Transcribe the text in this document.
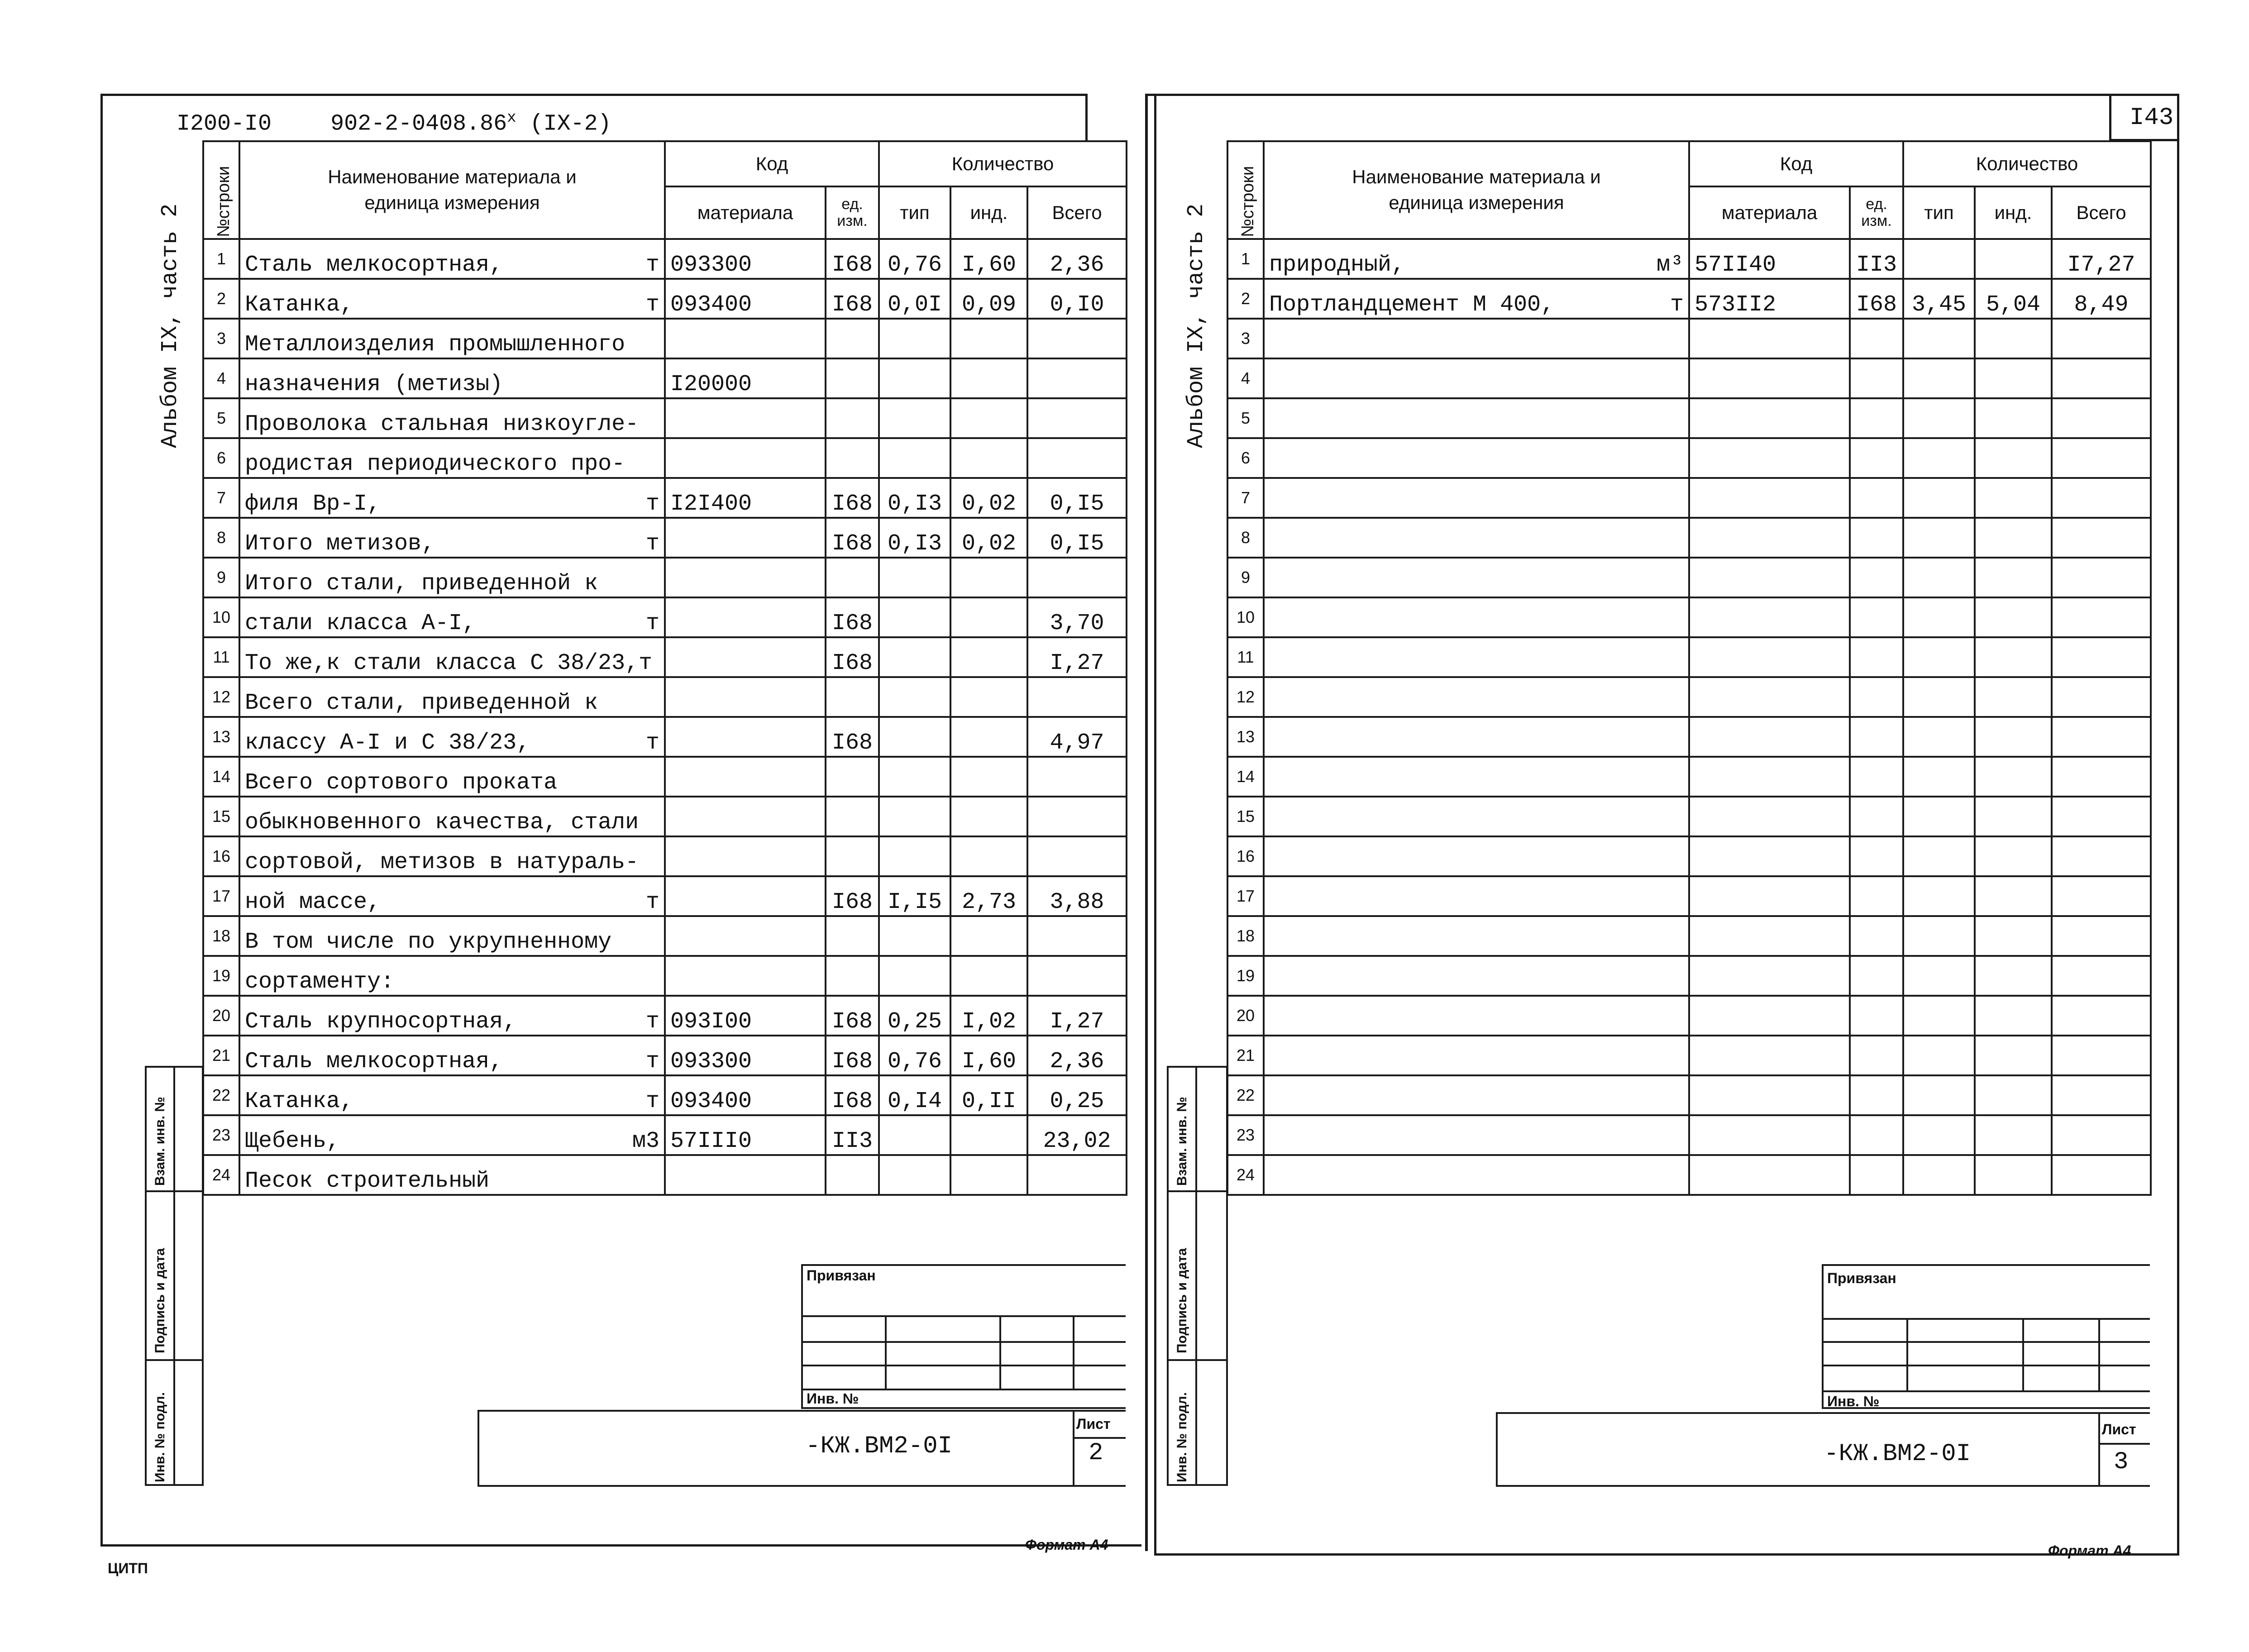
I200-I0	902-2-0408.86$^x$ (IX-2)
Альбом IX, часть 2
№строки	Наименование материала и единица измерения	Код		Количество		
		материала	ед. изм.	тип	инд.	Всего
1	Сталь мелкосортная, т	093300	I68	0,76	I,60	2,36
2	Катанка, т	093400	I68	0,0I	0,09	0,I0
3	Металлоизделия промышленного					

4	назначения (метизы)	I20000				
5	Проволока стальная низкоугле-					

6	родистая периодического про-					

7	филя Вр-I, т	I2I400	I68	0,I3	0,02	0,I5
8	Итого метизов, т		I68	0,I3	0,02	0,I5
9	Итого стали, приведенной к					

10	стали класса А-I, т		I68			3,70
11	То же,к стали класса С 38/23,т		I68			I,27
12	Всего стали, приведенной к					

13	классу А-I и С 38/23, т		I68			4,97
14	Всего сортового проката					

15	обыкновенного качества, стали					

16	сортовой, метизов в натураль-					

17	ной массе, т		I68	I,I5	2,73	3,88
18	В том числе по укрупненному					

19	сортаменту:					

20	Сталь крупносортная, т	093I00	I68	0,25	I,02	I,27
21	Сталь мелкосортная, т	093300	I68	0,76	I,60	2,36
22	Катанка, т	093400	I68	0,I4	0,II	0,25
23	Щебень, м3	57III0	II3			23,02
24	Песок строительный					

Взам. инв. №
Подпись и дата
Инв. № подл.
Привязан
Инв. №
-КЖ.ВМ2-0I
Лист
2
Формат А4
ЦИТП
I43
Альбом IX, часть 2
№строки	Наименование материала и единица измерения	Код		Количество		
		материала	ед. изм.	тип	инд.	Всего
1	природный, м³	57II40	II3			I7,27
2	Портландцемент М 400, т	573II2	I68	3,45	5,04	8,49
3	

4	

5	

6	

7	

8	

9	

10	

11	

12	

13	

14	

15	

16	

17	

18	

19	

20	

21	

22	

23	

24	

Взам. инв. №
Подпись и дата
Инв. № подл.
Привязан
Инв. №
-КЖ.ВМ2-0I
Лист
3
Формат А4
